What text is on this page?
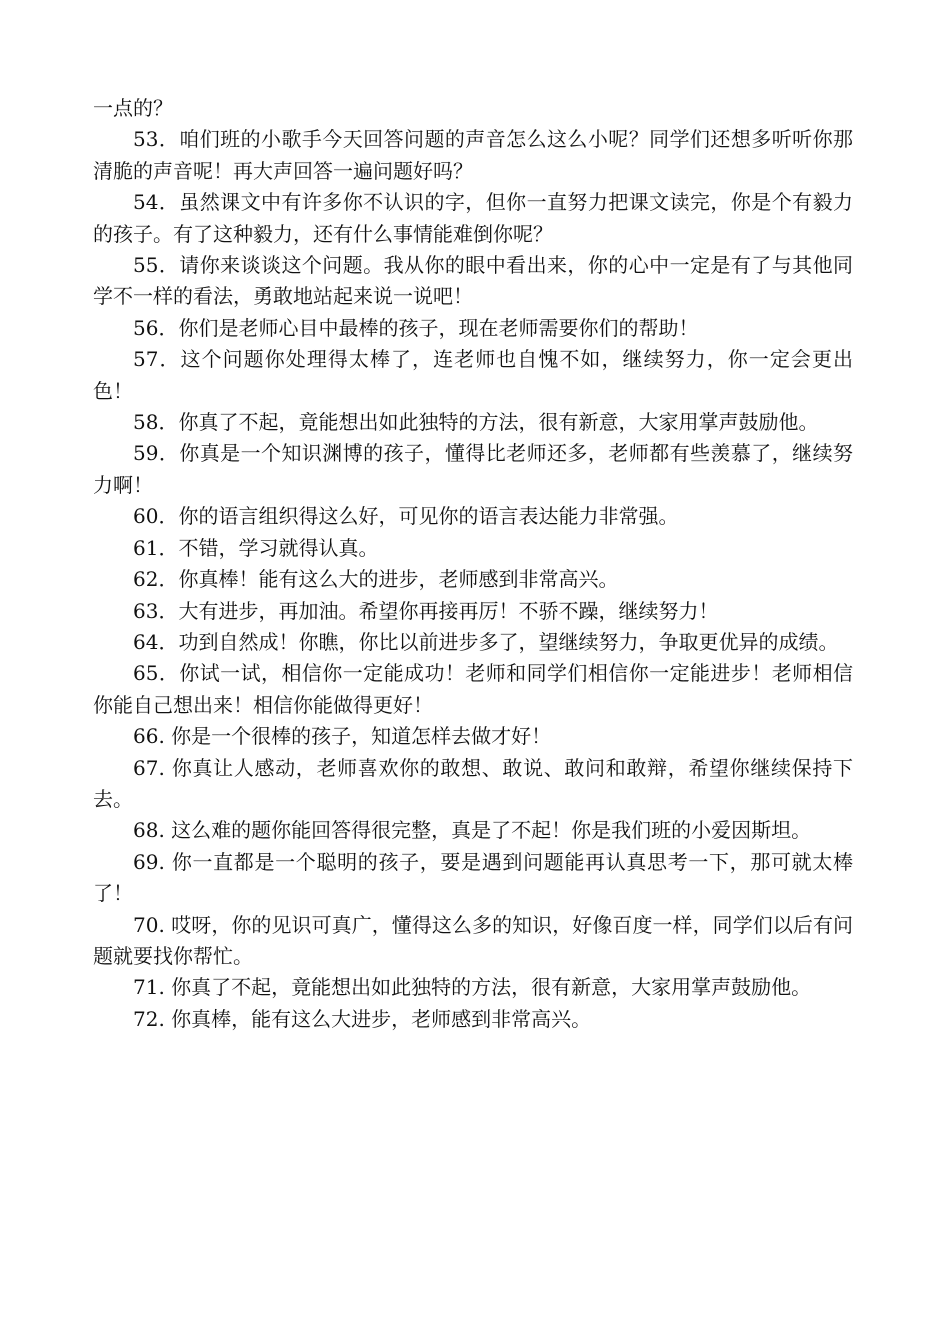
一点的？

53．咱们班的小歌手今天回答问题的声音怎么这么小呢？同学们还想多听听你那清脆的声音呢！再大声回答一遍问题好吗？

54．虽然课文中有许多你不认识的字，但你一直努力把课文读完，你是个有毅力的孩子。有了这种毅力，还有什么事情能难倒你呢？

55．请你来谈谈这个问题。我从你的眼中看出来，你的心中一定是有了与其他同学不一样的看法，勇敢地站起来说一说吧！

56．你们是老师心目中最棒的孩子，现在老师需要你们的帮助！

57．这个问题你处理得太棒了，连老师也自愧不如，继续努力，你一定会更出色！

58．你真了不起，竟能想出如此独特的方法，很有新意，大家用掌声鼓励他。

59．你真是一个知识渊博的孩子，懂得比老师还多，老师都有些羡慕了，继续努力啊！

60．你的语言组织得这么好，可见你的语言表达能力非常强。

61．不错，学习就得认真。

62．你真棒！能有这么大的进步，老师感到非常高兴。

63．大有进步，再加油。希望你再接再厉！不骄不躁，继续努力！

64．功到自然成！你瞧，你比以前进步多了，望继续努力，争取更优异的成绩。

65．你试一试，相信你一定能成功！老师和同学们相信你一定能进步！老师相信你能自己想出来！相信你能做得更好！

66. 你是一个很棒的孩子，知道怎样去做才好！

67. 你真让人感动，老师喜欢你的敢想、敢说、敢问和敢辩，希望你继续保持下去。

68. 这么难的题你能回答得很完整，真是了不起！你是我们班的小爱因斯坦。

69. 你一直都是一个聪明的孩子，要是遇到问题能再认真思考一下，那可就太棒了！

70. 哎呀，你的见识可真广，懂得这么多的知识，好像百度一样，同学们以后有问题就要找你帮忙。

71. 你真了不起，竟能想出如此独特的方法，很有新意，大家用掌声鼓励他。

72. 你真棒，能有这么大进步，老师感到非常高兴。
